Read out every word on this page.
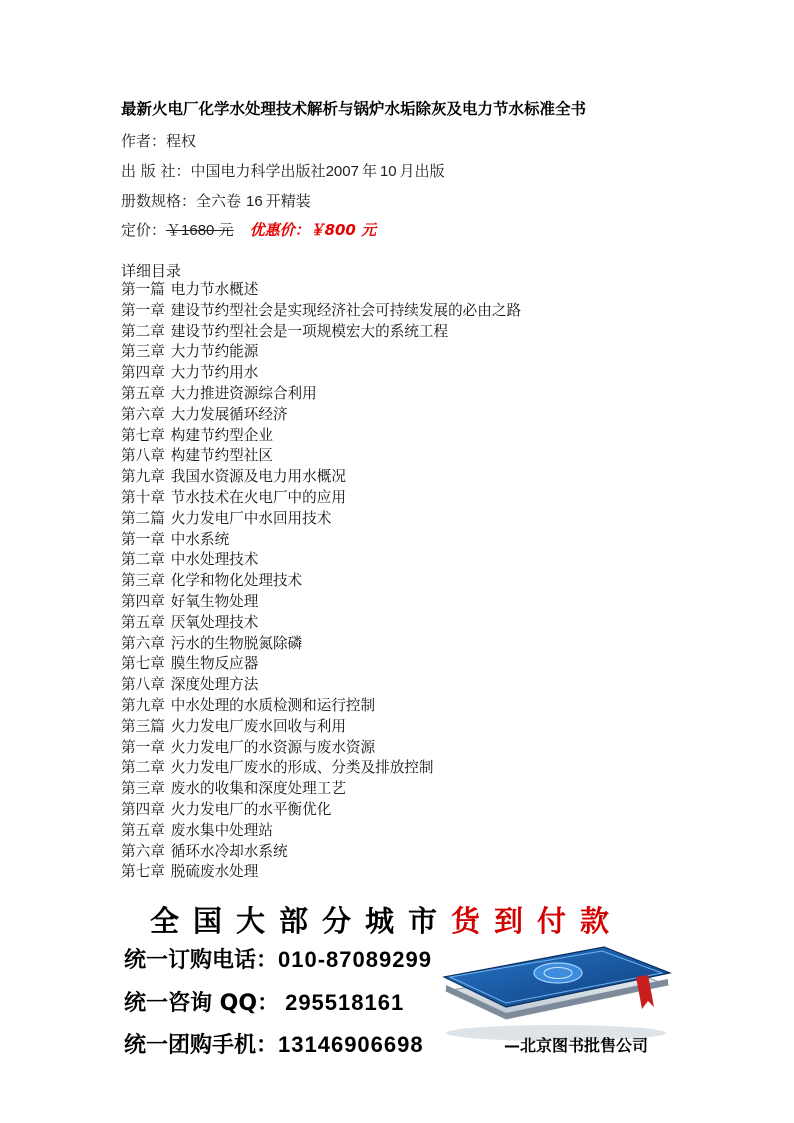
最新火电厂化学水处理技术解析与锅炉水垢除灰及电力节水标准全书
作者：程权
出 版 社：中国电力科学出版社2007 年 10 月出版
册数规格：全六卷 16 开精装
定价：￥1680 元 优惠价：￥800 元
详细目录
第一篇 电力节水概述
第一章 建设节约型社会是实现经济社会可持续发展的必由之路
第二章 建设节约型社会是一项规模宏大的系统工程
第三章 大力节约能源
第四章 大力节约用水
第五章 大力推进资源综合利用
第六章 大力发展循环经济
第七章 构建节约型企业
第八章 构建节约型社区
第九章 我国水资源及电力用水概况
第十章 节水技术在火电厂中的应用
第二篇 火力发电厂中水回用技术
第一章 中水系统
第二章 中水处理技术
第三章 化学和物化处理技术
第四章 好氧生物处理
第五章 厌氧处理技术
第六章 污水的生物脱氮除磷
第七章 膜生物反应器
第八章 深度处理方法
第九章 中水处理的水质检测和运行控制
第三篇 火力发电厂废水回收与利用
第一章 火力发电厂的水资源与废水资源
第二章 火力发电厂废水的形成、分类及排放控制
第三章 废水的收集和深度处理工艺
第四章 火力发电厂的水平衡优化
第五章 废水集中处理站
第六章 循环水冷却水系统
第七章 脱硫废水处理
全国大部分城市货到付款
统一订购电话：010-87089299
统一咨询 QQ： 295518161
统一团购手机：13146906698	—北京图书批售公司
